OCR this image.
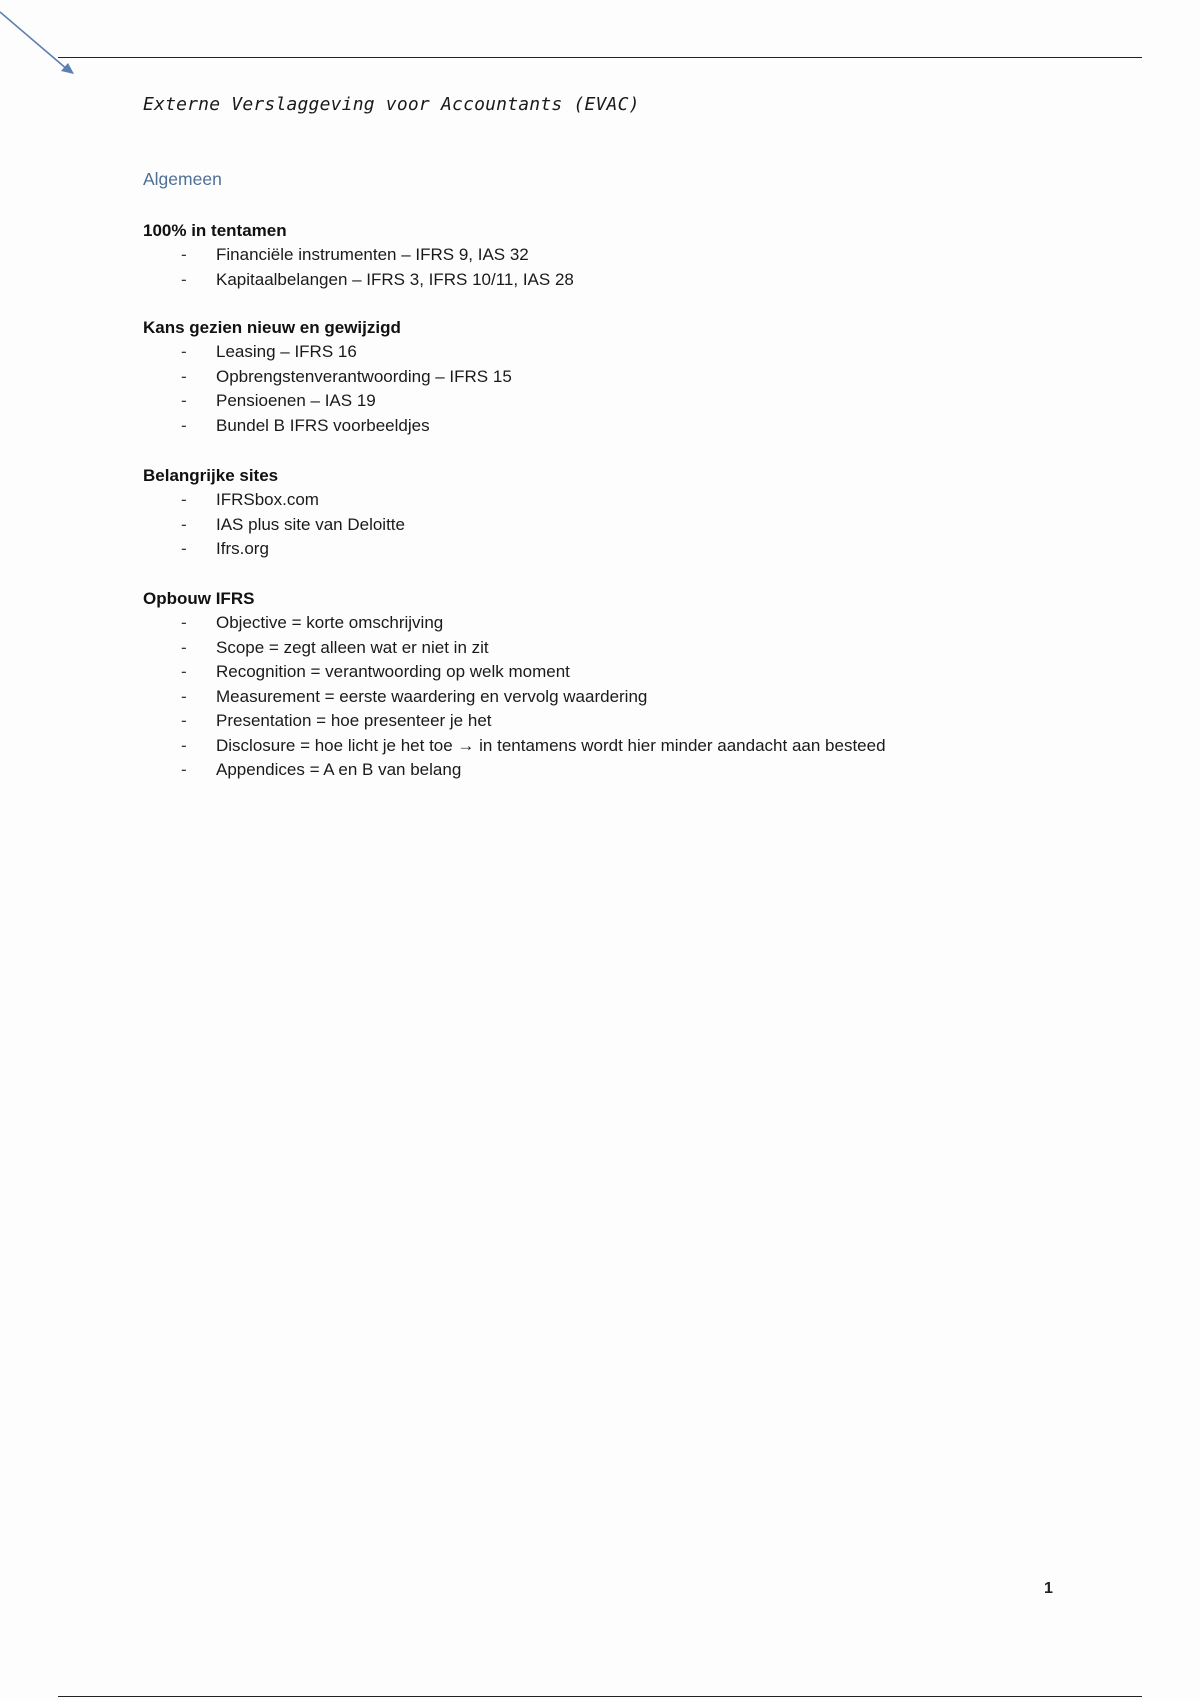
Externe Verslaggeving voor Accountants (EVAC)
Algemeen
100% in tentamen
- Financiële instrumenten – IFRS 9, IAS 32
- Kapitaalbelangen – IFRS 3, IFRS 10/11, IAS 28
Kans gezien nieuw en gewijzigd
- Leasing – IFRS 16
- Opbrengstenverantwoording – IFRS 15
- Pensioenen – IAS 19
- Bundel B IFRS voorbeeldjes
Belangrijke sites
- IFRSbox.com
- IAS plus site van Deloitte
- Ifrs.org
Opbouw IFRS
- Objective = korte omschrijving
- Scope = zegt alleen wat er niet in zit
- Recognition = verantwoording op welk moment
- Measurement = eerste waardering en vervolg waardering
- Presentation = hoe presenteer je het
- Disclosure = hoe licht je het toe → in tentamens wordt hier minder aandacht aan besteed
- Appendices = A en B van belang
1
